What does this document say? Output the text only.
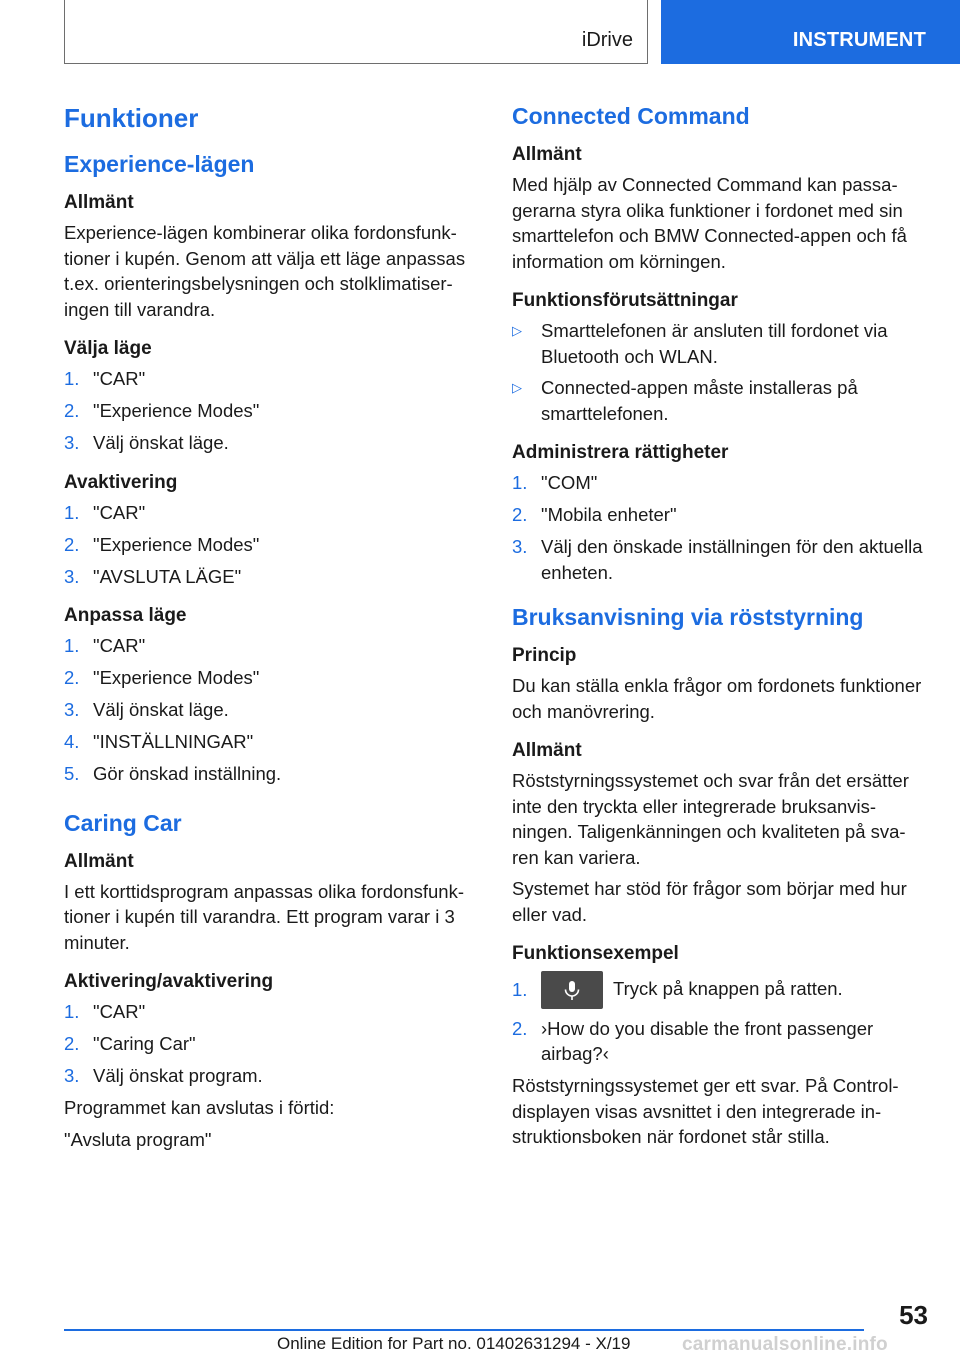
iDrive	INSTRUMENT
Funktioner
Experience-lägen
Allmänt
Experience-lägen kombinerar olika fordonsfunktioner i kupén. Genom att välja ett läge anpassas t.ex. orienteringsbelysningen och stolklimatiseringen till varandra.
Välja läge
1. "CAR"
2. "Experience Modes"
3. Välj önskat läge.
Avaktivering
1. "CAR"
2. "Experience Modes"
3. "AVSLUTA LÄGE"
Anpassa läge
1. "CAR"
2. "Experience Modes"
3. Välj önskat läge.
4. "INSTÄLLNINGAR"
5. Gör önskad inställning.
Caring Car
Allmänt
I ett korttidsprogram anpassas olika fordonsfunktioner i kupén till varandra. Ett program varar i 3 minuter.
Aktivering/avaktivering
1. "CAR"
2. "Caring Car"
3. Välj önskat program.
Programmet kan avslutas i förtid:
"Avsluta program"
Connected Command
Allmänt
Med hjälp av Connected Command kan passagerarna styra olika funktioner i fordonet med sin smarttelefon och BMW Connected-appen och få information om körningen.
Funktionsförutsättningar
▷	Smarttelefonen är ansluten till fordonet via Bluetooth och WLAN.
▷	Connected-appen måste installeras på smarttelefonen.
Administrera rättigheter
1. "COM"
2. "Mobila enheter"
3. Välj den önskade inställningen för den aktuella enheten.
Bruksanvisning via röststyrning
Princip
Du kan ställa enkla frågor om fordonets funktioner och manövrering.
Allmänt
Röststyrningssystemet och svar från det ersätter inte den tryckta eller integrerade bruksanvisningen. Taligenkänningen och kvaliteten på svaren kan variera.
Systemet har stöd för frågor som börjar med hur eller vad.
Funktionsexempel
1.	Tryck på knappen på ratten.
2. ›How do you disable the front passenger airbag?‹
Röststyrningssystemet ger ett svar. På Control-displayen visas avsnittet i den integrerade instruktionsboken när fordonet står stilla.
53
Online Edition for Part no. 01402631294 - X/19	carmanualsonline.info
